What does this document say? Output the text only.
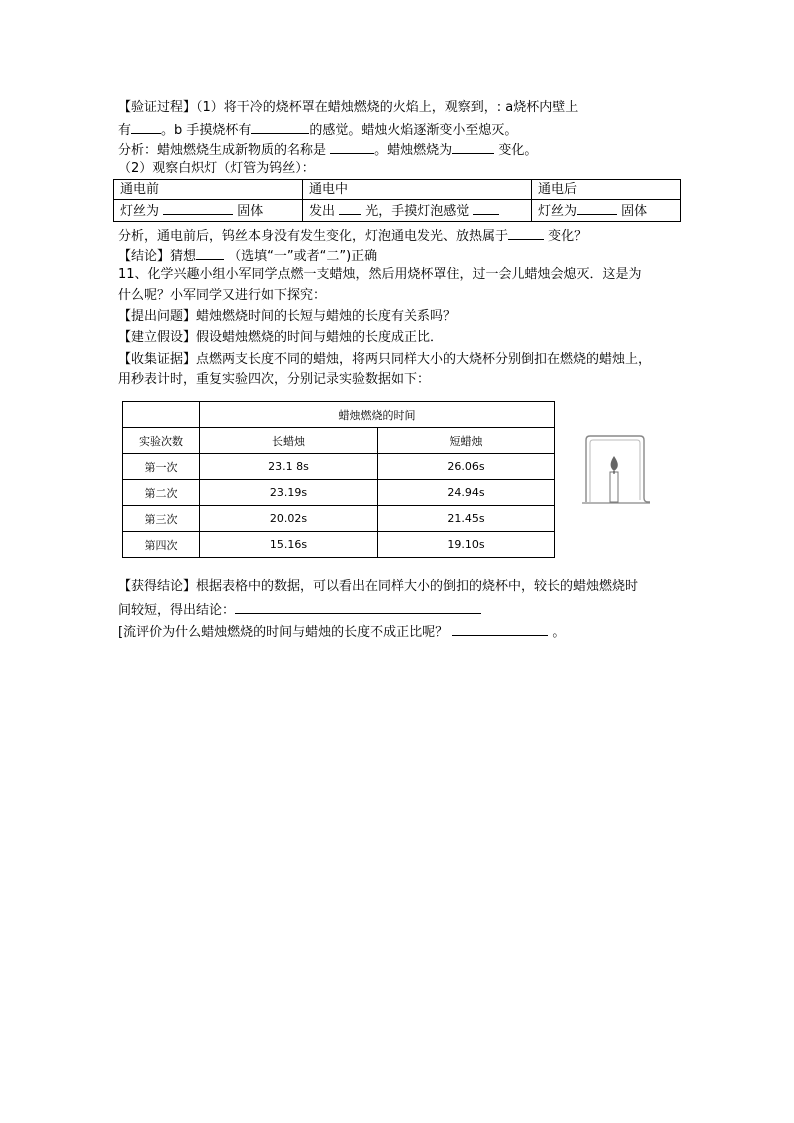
【验证过程】（1）将干冷的烧杯罩在蜡烛燃烧的火焰上，观察到，: a烧杯内壁上
有 。b 手摸烧杯有	的感觉。蜡烛火焰逐渐变小至熄灭。
分析：蜡烛燃烧生成新物质的名称是	。蜡烛燃烧为	变化。
（2）观察白炽灯（灯管为钨丝）：
通电前	通电中	通电后
灯丝为 固体	发出 光，手摸灯泡感觉	灯丝为 固体
分析，通电前后，钨丝本身没有发生变化，灯泡通电发光、放热属于	变化？
【结论】猜想 （选填“一”或者“二”)正确
11、化学兴趣小组小军同学点燃一支蜡烛，然后用烧杯罩住，过一会儿蜡烛会熄灭．这是为
什么呢？小军同学又进行如下探究：
【提出问题】蜡烛燃烧时间的长短与蜡烛的长度有关系吗？
【建立假设】假设蜡烛燃烧的时间与蜡烛的长度成正比．
【收集证据】点燃两支长度不同的蜡烛，将两只同样大小的大烧杯分别倒扣在燃烧的蜡烛上，
用秒表计时，重复实验四次，分别记录实验数据如下：
	蜡烛燃烧的时间	
实验次数	长蜡烛	短蜡烛
第一次	23.1 8s	26.06s
第二次	23.19s	24.94s
第三次	20.02s	21.45s
第四次	15.16s	19.10s
【获得结论】根据表格中的数据，可以看出在同样大小的倒扣的烧杯中，较长的蜡烛燃烧时
间较短，得出结论：
[流评价为什么蜡烛燃烧的时间与蜡烛的长度不成正比呢？	。
